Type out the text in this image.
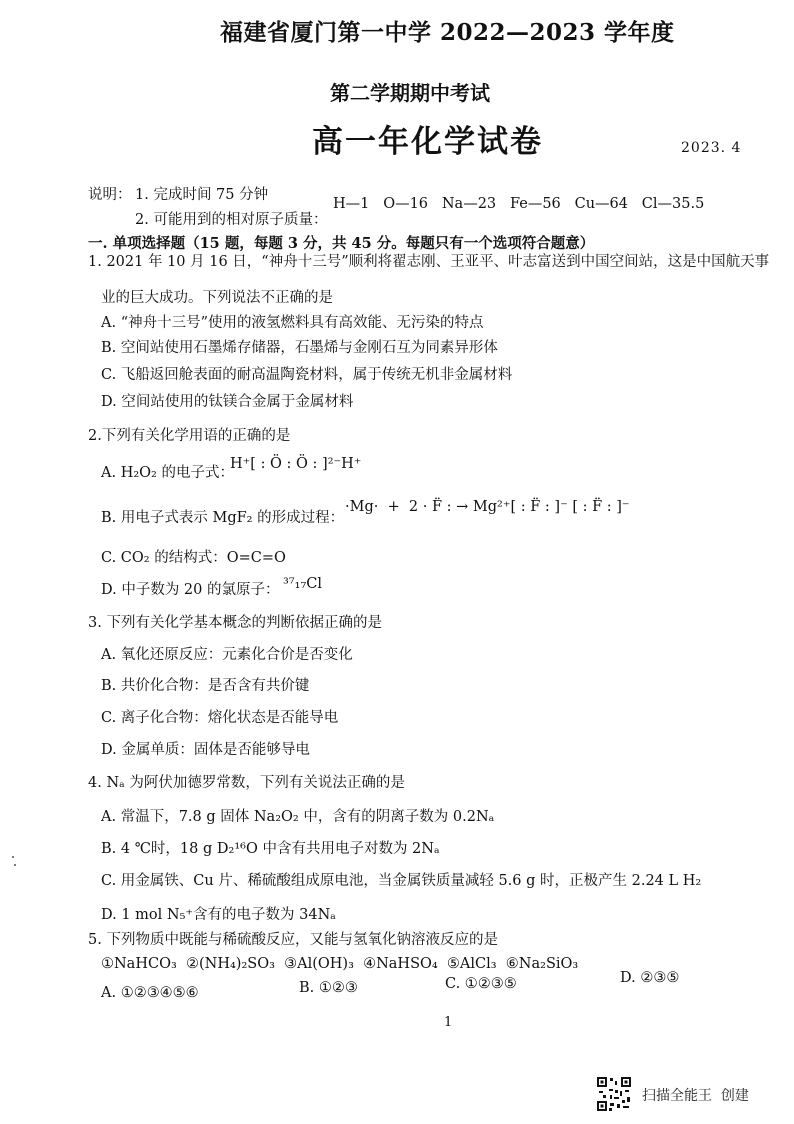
福建省厦门第一中学 2022—2023 学年度
第二学期期中考试
高一年化学试卷	2023. 4
说明： 1. 完成时间 75 分钟
2. 可能用到的相对原子质量：
H—1   O—16   Na—23   Fe—56   Cu—64   Cl—35.5
一. 单项选择题（15 题，每题 3 分，共 45 分。每题只有一个选项符合题意）
1. 2021 年 10 月 16 日，“神舟十三号”顺利将翟志刚、王亚平、叶志富送到中国空间站，这是中国航天事
业的巨大成功。下列说法不正确的是
A. “神舟十三号”使用的液氢燃料具有高效能、无污染的特点
B. 空间站使用石墨烯存储器，石墨烯与金刚石互为同素异形体
C. 飞船返回舱表面的耐高温陶瓷材料，属于传统无机非金属材料
D. 空间站使用的钛镁合金属于金属材料
2.下列有关化学用语的正确的是
A. H₂O₂ 的电子式：
H⁺[ : Ö : Ö : ]²⁻H⁺
B. 用电子式表示 MgF₂ 的形成过程：
·Mg·  +  2 · F̈ : → Mg²⁺[ : F̈ : ]⁻ [ : F̈ : ]⁻
C. CO₂ 的结构式：O=C=O
D. 中子数为 20 的氯原子： ³⁷₁₇Cl
3. 下列有关化学基本概念的判断依据正确的是
A. 氧化还原反应：元素化合价是否变化
B. 共价化合物：是否含有共价键
C. 离子化合物：熔化状态是否能导电
D. 金属单质：固体是否能够导电
4. Nₐ 为阿伏加德罗常数，下列有关说法正确的是
A. 常温下，7.8 g 固体 Na₂O₂ 中，含有的阴离子数为 0.2Nₐ
B. 4 ℃时，18 g D₂¹⁶O 中含有共用电子对数为 2Nₐ
C. 用金属铁、Cu 片、稀硫酸组成原电池，当金属铁质量减轻 5.6 g 时，正极产生 2.24 L H₂
D. 1 mol N₅⁺含有的电子数为 34Nₐ
5. 下列物质中既能与稀硫酸反应，又能与氢氧化钠溶液反应的是
①NaHCO₃  ②(NH₄)₂SO₃  ③Al(OH)₃  ④NaHSO₄  ⑤AlCl₃  ⑥Na₂SiO₃
A. ①②③④⑤⑥	B. ①②③	C. ①②③⑤	D. ②③⑤
1
扫描全能王  创建
